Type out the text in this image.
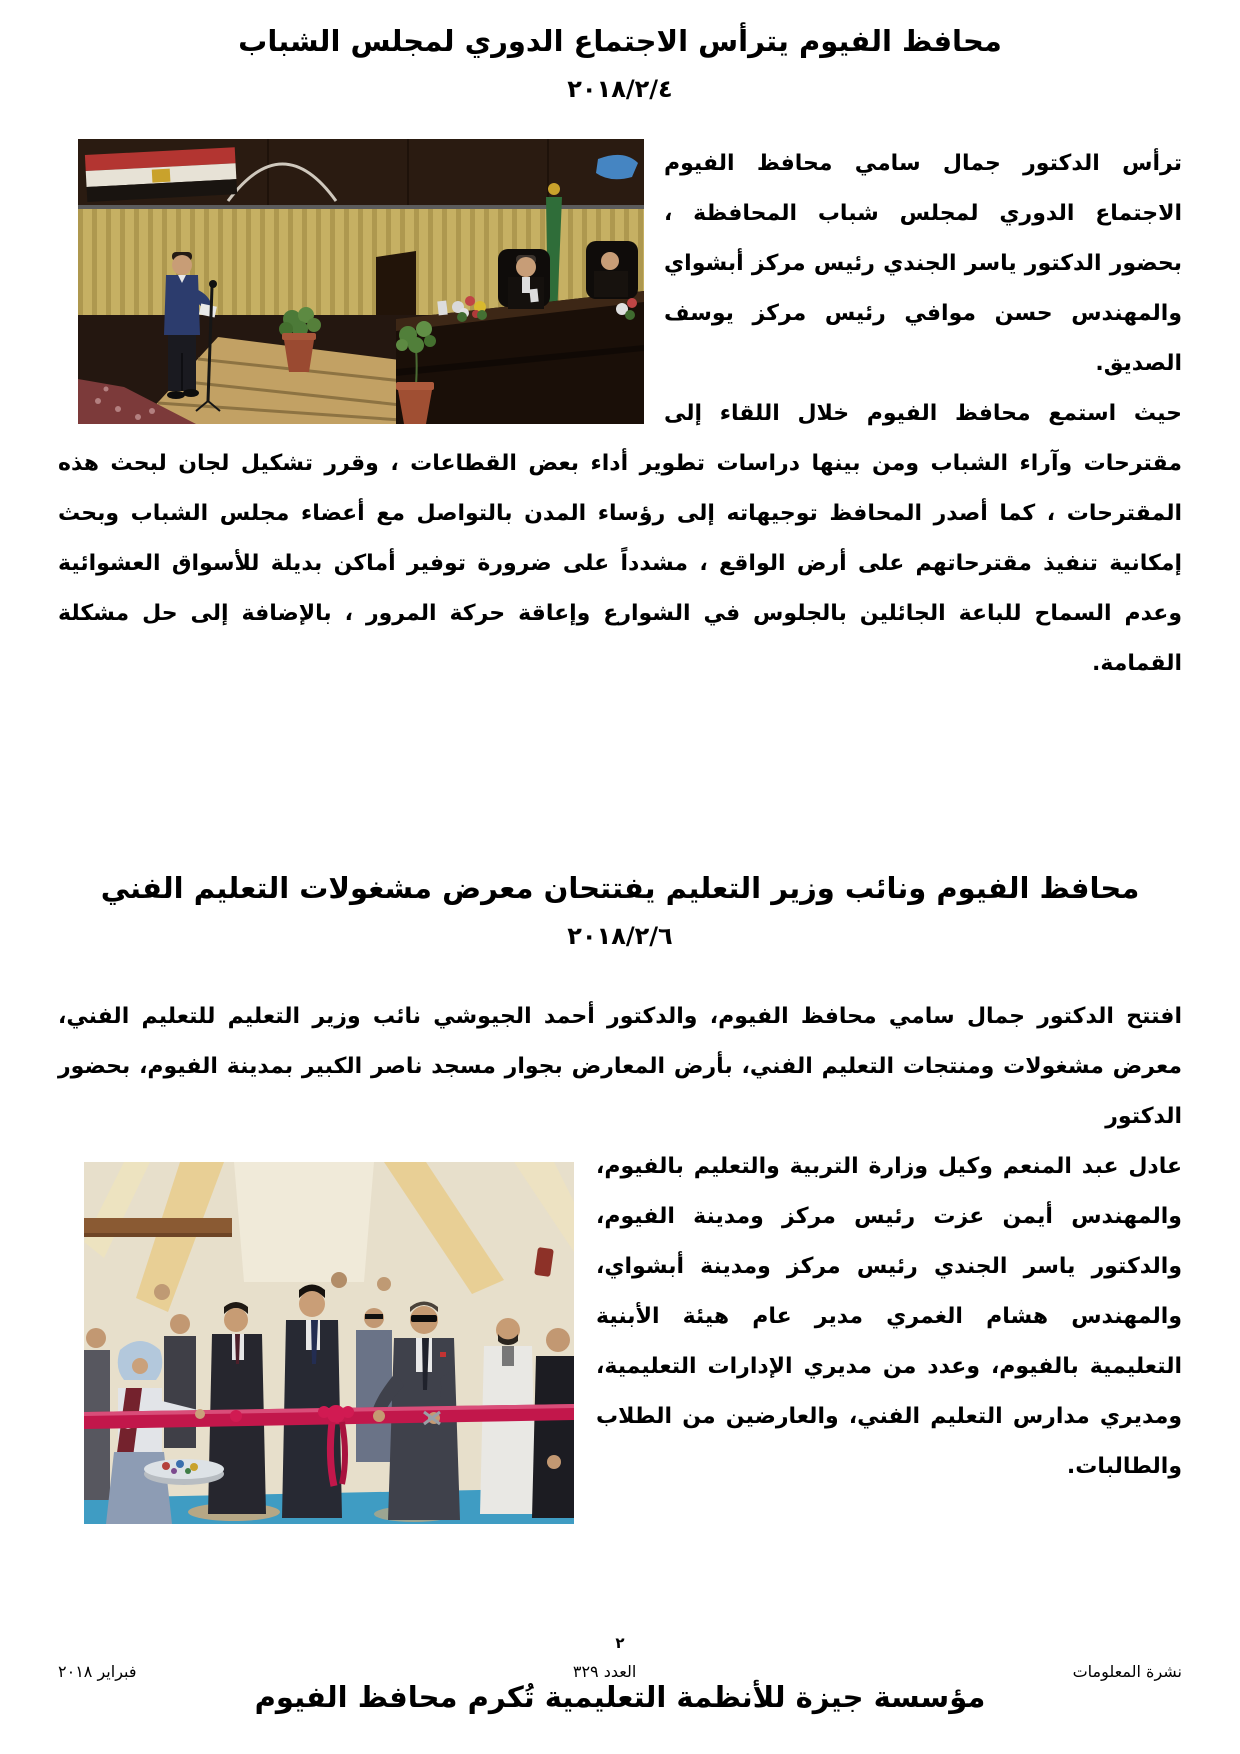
محافظ الفيوم يترأس الاجتماع الدوري لمجلس الشباب
٢٠١٨/٢/٤

ترأس الدكتور جمال سامي محافظ الفيوم الاجتماع الدوري لمجلس شباب المحافظة ، بحضور الدكتور ياسر الجندي رئيس مركز أبشواي والمهندس حسن موافي رئيس مركز يوسف الصديق.

حيث استمع محافظ الفيوم خلال اللقاء إلى مقترحات وآراء الشباب ومن بينها دراسات تطوير أداء بعض القطاعات ، وقرر تشكيل لجان لبحث هذه المقترحات ، كما أصدر المحافظ توجيهاته إلى رؤساء المدن بالتواصل مع أعضاء مجلس الشباب وبحث إمكانية تنفيذ مقترحاتهم على أرض الواقع ، مشدداً على ضرورة توفير أماكن بديلة للأسواق العشوائية وعدم السماح للباعة الجائلين بالجلوس في الشوارع وإعاقة حركة المرور ، بالإضافة إلى حل مشكلة القمامة.

محافظ الفيوم ونائب وزير التعليم يفتتحان معرض مشغولات التعليم الفني
٢٠١٨/٢/٦

افتتح الدكتور جمال سامي محافظ الفيوم، والدكتور أحمد الجيوشي نائب وزير التعليم للتعليم الفني، معرض مشغولات ومنتجات التعليم الفني، بأرض المعارض بجوار مسجد ناصر الكبير بمدينة الفيوم، بحضور الدكتور

عادل عبد المنعم وكيل وزارة التربية والتعليم بالفيوم، والمهندس أيمن عزت رئيس مركز ومدينة الفيوم، والدكتور ياسر الجندي رئيس مركز ومدينة أبشواي، والمهندس هشام الغمري مدير عام هيئة الأبنية التعليمية بالفيوم، وعدد من مديري الإدارات التعليمية، ومديري مدارس التعليم الفني، والعارضين من الطلاب والطالبات.

٢
مؤسسة جيزة للأنظمة التعليمية تُكرم محافظ الفيوم
نشرة المعلومات
العدد ٣٢٩
فبراير ٢٠١٨
